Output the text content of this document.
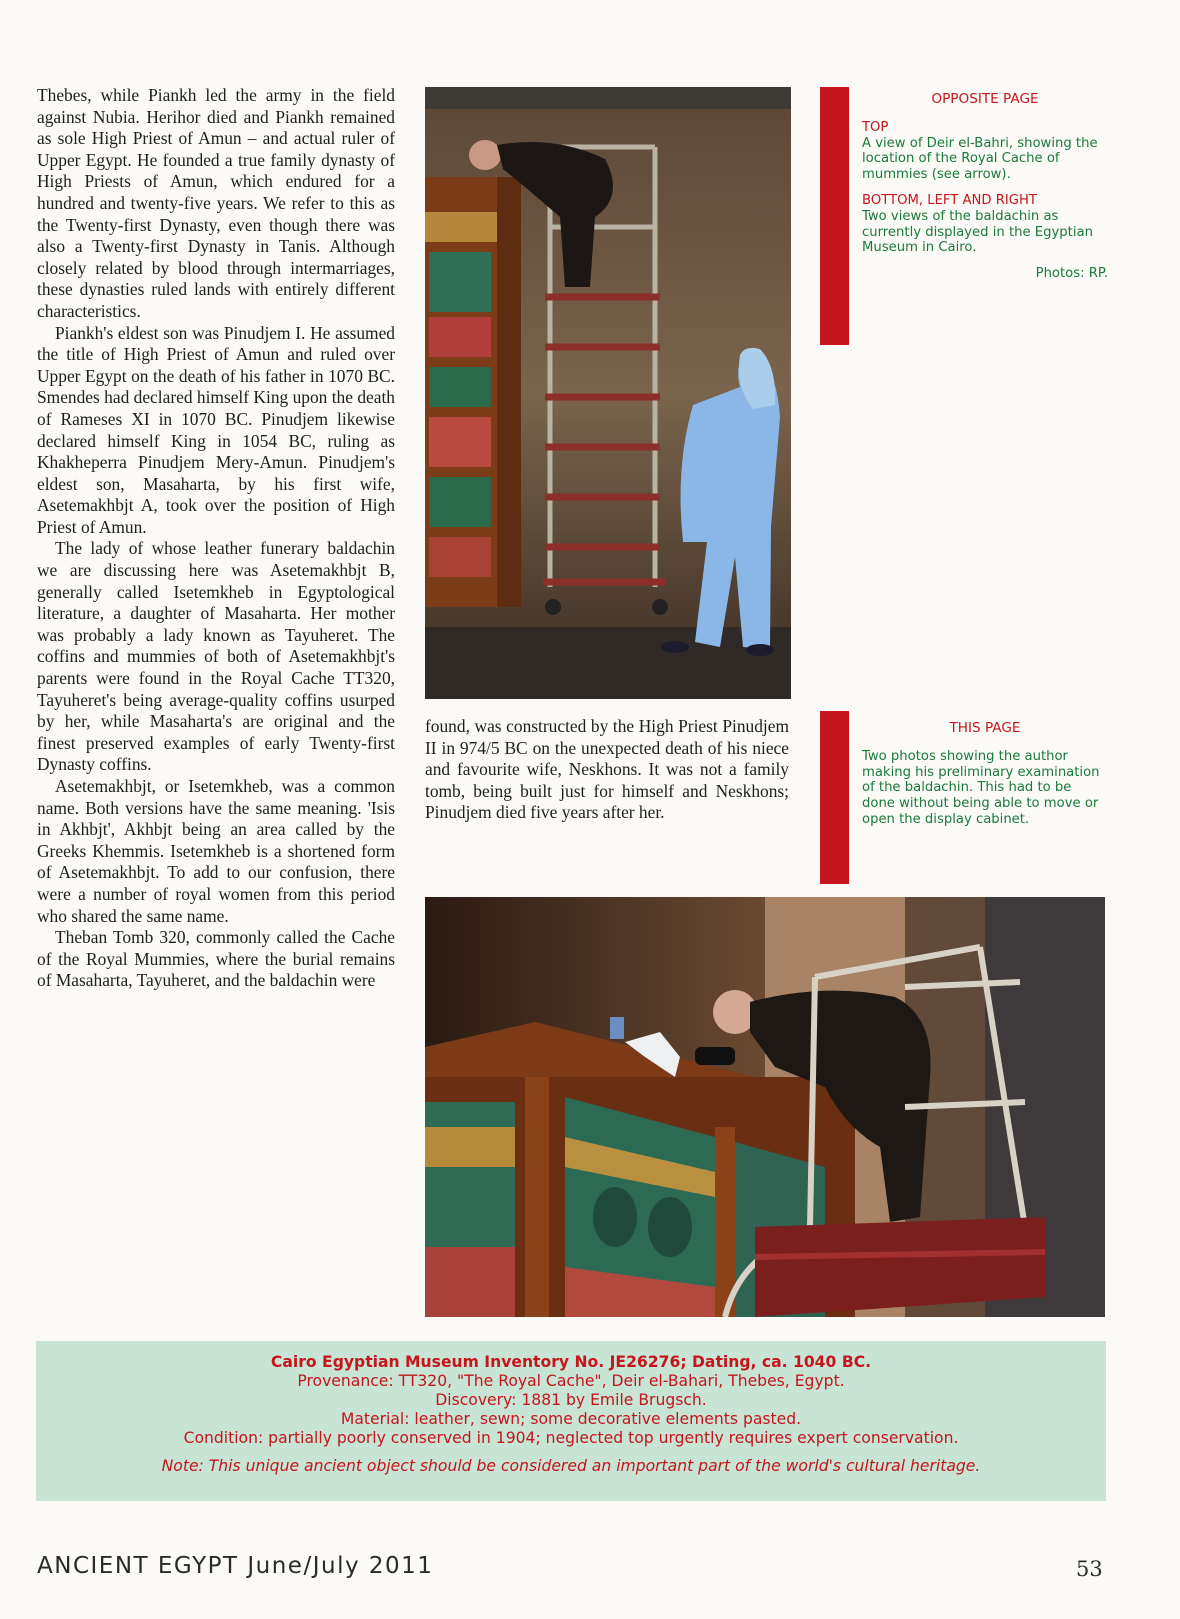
Thebes, while Piankh led the army in the field against Nubia. Herihor died and Piankh remained as sole High Priest of Amun – and actual ruler of Upper Egypt. He founded a true family dynasty of High Priests of Amun, which endured for a hundred and twenty-five years. We refer to this as the Twenty-first Dynasty, even though there was also a Twenty-first Dynasty in Tanis. Although closely related by blood through intermarriages, these dynasties ruled lands with entirely different characteristics.

Piankh's eldest son was Pinudjem I. He assumed the title of High Priest of Amun and ruled over Upper Egypt on the death of his father in 1070 BC. Smendes had declared himself King upon the death of Rameses XI in 1070 BC. Pinudjem likewise declared himself King in 1054 BC, ruling as Khakheperra Pinudjem Mery-Amun. Pinudjem's eldest son, Masaharta, by his first wife, Asetemakhbjt A, took over the position of High Priest of Amun.

The lady of whose leather funerary baldachin we are discussing here was Asetemakhbjt B, generally called Isetemkheb in Egyptological literature, a daughter of Masaharta. Her mother was probably a lady known as Tayuheret. The coffins and mummies of both of Asetemakhbjt's parents were found in the Royal Cache TT320, Tayuheret's being average-quality coffins usurped by her, while Masaharta's are original and the finest preserved examples of early Twenty-first Dynasty coffins.

Asetemakhbjt, or Isetemkheb, was a common name. Both versions have the same meaning. 'Isis in Akhbjt', Akhbjt being an area called by the Greeks Khemmis. Isetemkheb is a shortened form of Asetemakhbjt. To add to our confusion, there were a number of royal women from this period who shared the same name.

Theban Tomb 320, commonly called the Cache of the Royal Mummies, where the burial remains of Masaharta, Tayuheret, and the baldachin were

OPPOSITE PAGE
TOP
A view of Deir el-Bahri, showing the location of the Royal Cache of mummies (see arrow).
BOTTOM, LEFT AND RIGHT
Two views of the baldachin as currently displayed in the Egyptian Museum in Cairo.
Photos: RP.

found, was constructed by the High Priest Pinudjem II in 974/5 BC on the unexpected death of his niece and favourite wife, Neskhons. It was not a family tomb, being built just for himself and Neskhons; Pinudjem died five years after her.

THIS PAGE
Two photos showing the author making his preliminary examination of the baldachin. This had to be done without being able to move or open the display cabinet.
Cairo Egyptian Museum Inventory No. JE26276; Dating, ca. 1040 BC.
Provenance: TT320, "The Royal Cache", Deir el-Bahari, Thebes, Egypt.
Discovery: 1881 by Emile Brugsch.
Material: leather, sewn; some decorative elements pasted.
Condition: partially poorly conserved in 1904; neglected top urgently requires expert conservation.
Note: This unique ancient object should be considered an important part of the world's cultural heritage.
ANCIENT EGYPT June/July 2011	53
